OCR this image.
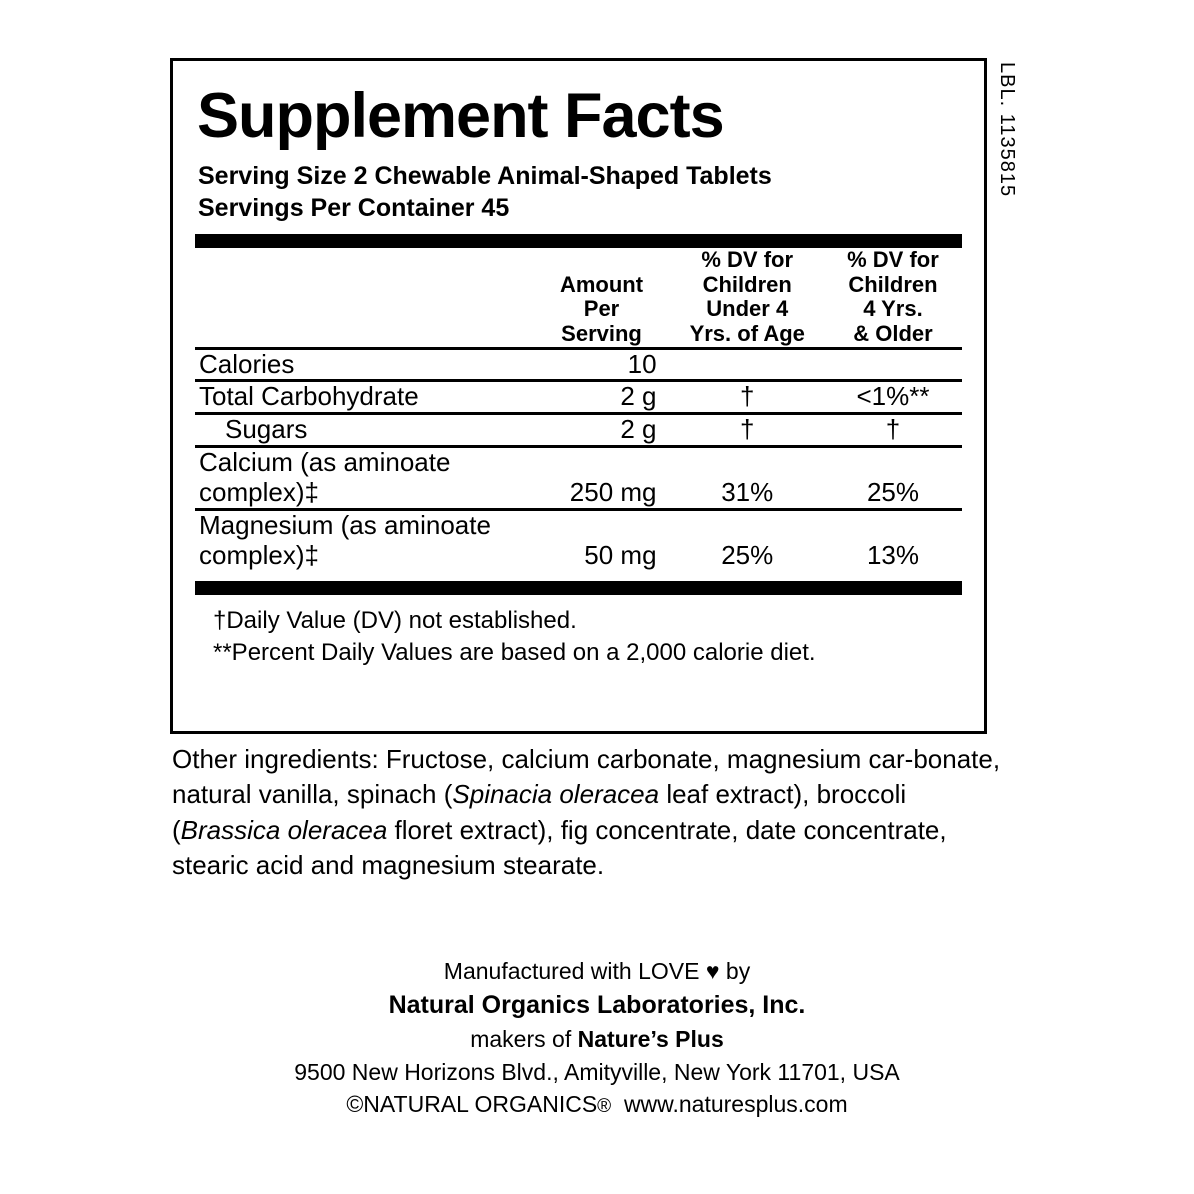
LBL. 1135815
Supplement Facts
Serving Size 2 Chewable Animal-Shaped Tablets
Servings Per Container 45

Amount
Per
Serving

% DV for
Children
Under 4
Yrs. of Age

% DV for
Children
4 Yrs.
& Older

Calories	10		

Total Carbohydrate	2 g	†	<1%**

Sugars	2 g	†	†

Calcium (as aminoate complex)‡	250 mg	31%	25%

Magnesium (as aminoate complex)‡	50 mg	25%	13%
†Daily Value (DV) not established.
**Percent Daily Values are based on a 2,000 calorie diet.
Other ingredients: Fructose, calcium carbonate, magnesium car-bonate, natural vanilla, spinach (Spinacia oleracea leaf extract), broccoli (Brassica oleracea floret extract), fig concentrate, date concentrate, stearic acid and magnesium stearate.
Manufactured with LOVE ♥ by
Natural Organics Laboratories, Inc.
makers of Nature’s Plus
9500 New Horizons Blvd., Amityville, New York 11701, USA
©NATURAL ORGANICS® www.naturesplus.com
